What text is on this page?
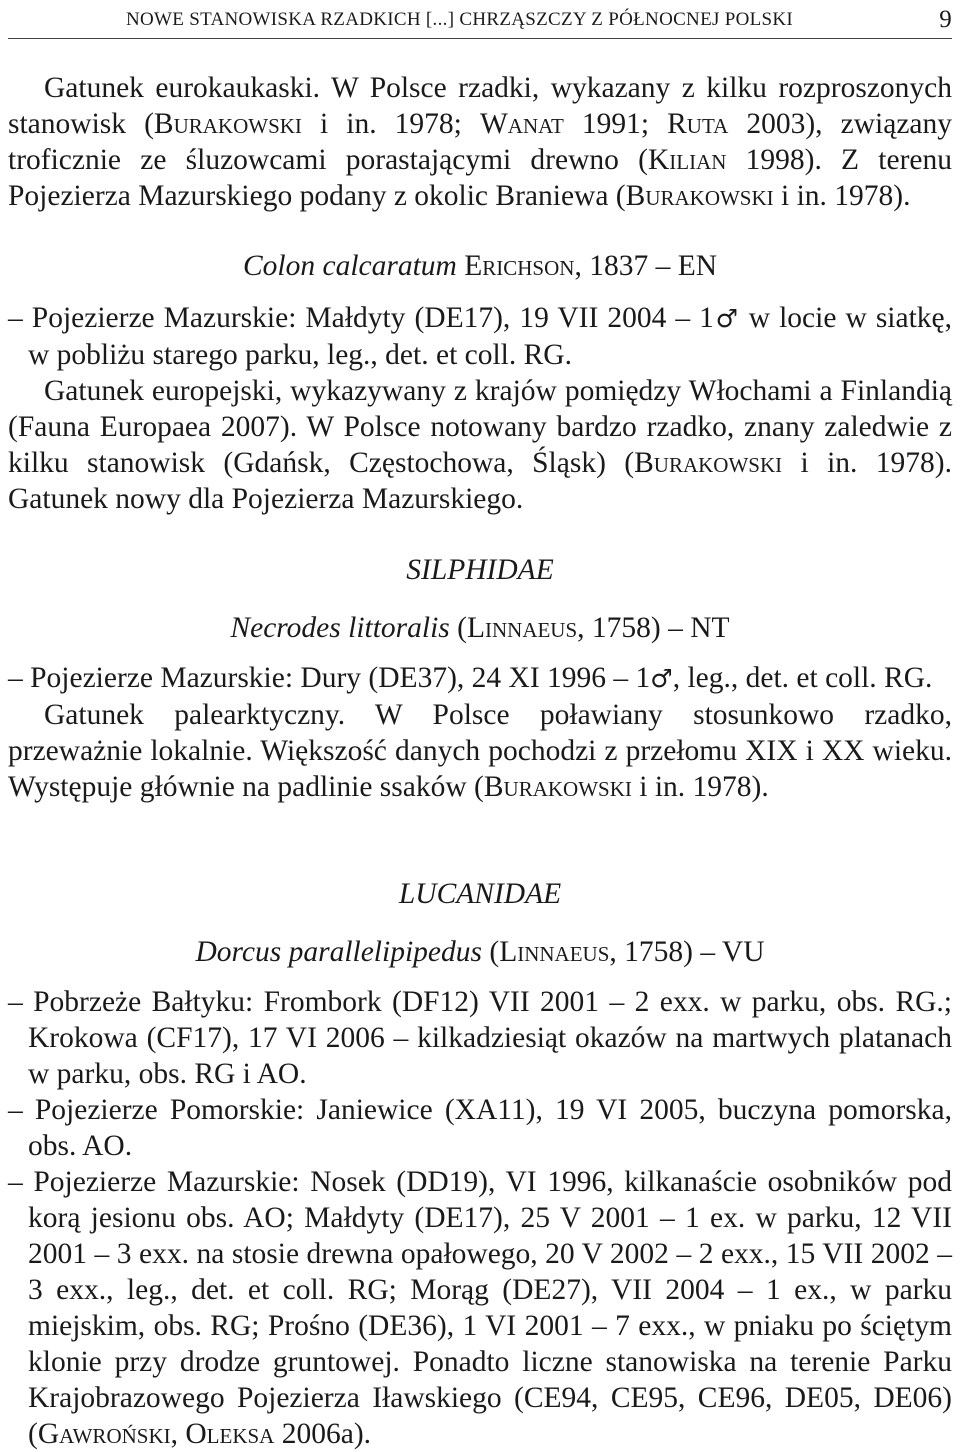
NOWE STANOWISKA RZADKICH [...] CHRZĄSZCZY Z PÓŁNOCNEJ POLSKI	9

Gatunek eurokaukaski. W Polsce rzadki, wykazany z kilku rozproszonych stanowisk (Burakowski i in. 1978; Wanat 1991; Ruta 2003), związany troficznie ze śluzowcami porastającymi drewno (Kilian 1998). Z terenu Pojezierza Mazurskiego podany z okolic Braniewa (Burakowski i in. 1978).

Colon calcaratum Erichson, 1837 – EN

– Pojezierze Mazurskie: Małdyty (DE17), 19 VII 2004 – 1♂ w locie w siatkę, w pobliżu starego parku, leg., det. et coll. RG.

Gatunek europejski, wykazywany z krajów pomiędzy Włochami a Finlandią (Fauna Europaea 2007). W Polsce notowany bardzo rzadko, znany zaledwie z kilku stanowisk (Gdańsk, Częstochowa, Śląsk) (Burakowski i in. 1978). Gatunek nowy dla Pojezierza Mazurskiego.

SILPHIDAE

Necrodes littoralis (Linnaeus, 1758) – NT

– Pojezierze Mazurskie: Dury (DE37), 24 XI 1996 – 1♂, leg., det. et coll. RG.

Gatunek palearktyczny. W Polsce poławiany stosunkowo rzadko, przeważnie lokalnie. Większość danych pochodzi z przełomu XIX i XX wieku. Występuje głównie na padlinie ssaków (Burakowski i in. 1978).

LUCANIDAE

Dorcus parallelipipedus (Linnaeus, 1758) – VU

– Pobrzeże Bałtyku: Frombork (DF12) VII 2001 – 2 exx. w parku, obs. RG.; Krokowa (CF17), 17 VI 2006 – kilkadziesiąt okazów na martwych platanach w parku, obs. RG i AO.

– Pojezierze Pomorskie: Janiewice (XA11), 19 VI 2005, buczyna pomorska, obs. AO.

– Pojezierze Mazurskie: Nosek (DD19), VI 1996, kilkanaście osobników pod korą jesionu obs. AO; Małdyty (DE17), 25 V 2001 – 1 ex. w parku, 12 VII 2001 – 3 exx. na stosie drewna opałowego, 20 V 2002 – 2 exx., 15 VII 2002 – 3 exx., leg., det. et coll. RG; Morąg (DE27), VII 2004 – 1 ex., w parku miejskim, obs. RG; Prośno (DE36), 1 VI 2001 – 7 exx., w pniaku po ściętym klonie przy drodze gruntowej. Ponadto liczne stanowiska na terenie Parku Krajobrazowego Pojezierza Iławskiego (CE94, CE95, CE96, DE05, DE06) (Gawroński, Oleksa 2006a).
